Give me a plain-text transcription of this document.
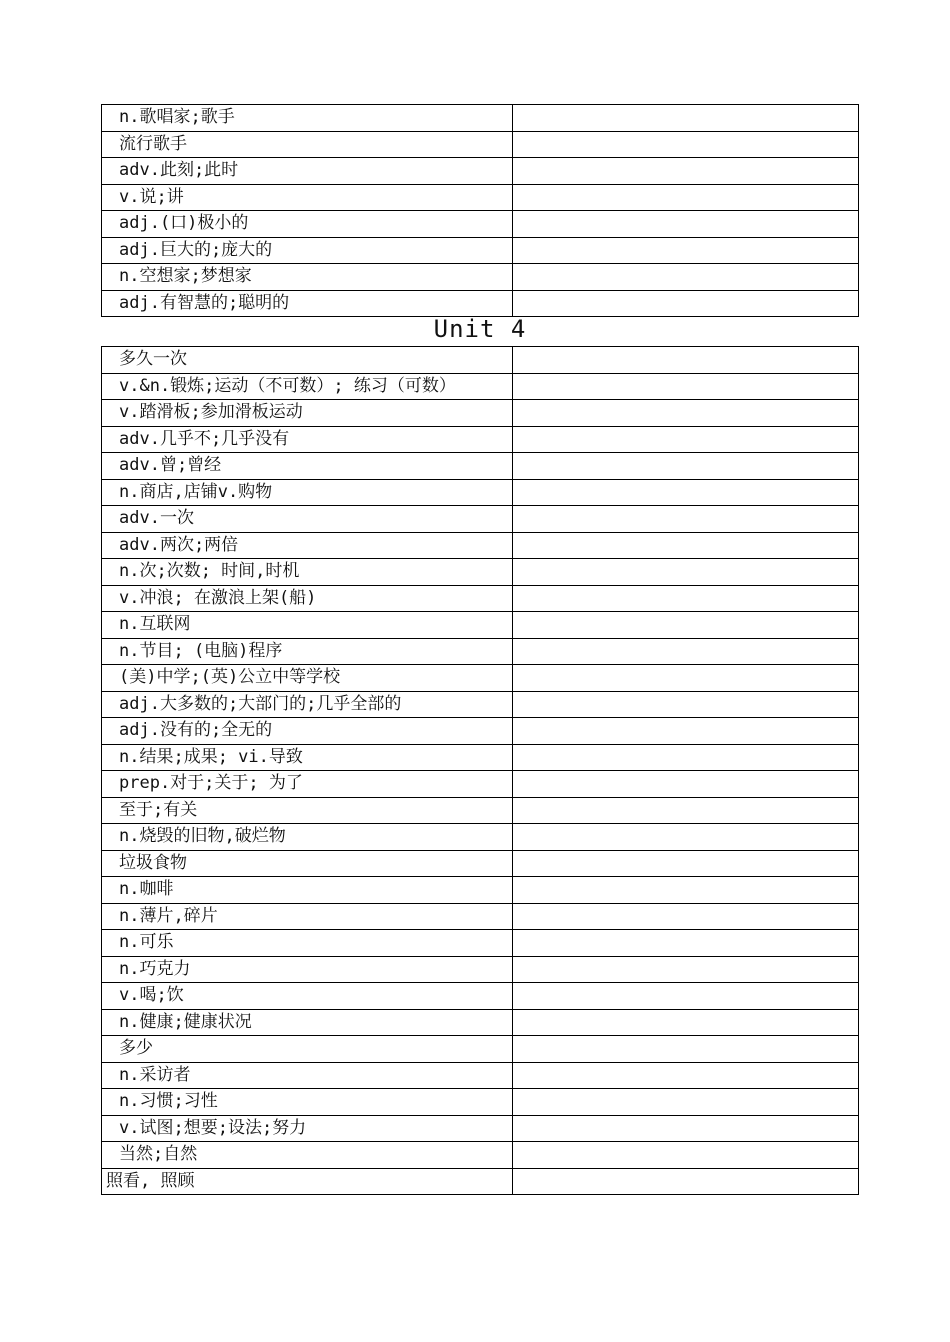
n.歌唱家;歌手	
流行歌手	
adv.此刻;此时	
v.说;讲	
adj.(口)极小的	
adj.巨大的;庞大的	
n.空想家;梦想家	
adj.有智慧的;聪明的	
Unit 4
多久一次	
v.&n.锻炼;运动（不可数）; 练习（可数）	
v.踏滑板;参加滑板运动	
adv.几乎不;几乎没有	
adv.曾;曾经	
n.商店,店铺v.购物	
adv.一次	
adv.两次;两倍	
n.次;次数; 时间,时机	
v.冲浪; 在激浪上架(船)	
n.互联网	
n.节目; (电脑)程序	
(美)中学;(英)公立中等学校	
adj.大多数的;大部门的;几乎全部的	
adj.没有的;全无的	
n.结果;成果; vi.导致	
prep.对于;关于; 为了	
至于;有关	
n.烧毁的旧物,破烂物	
垃圾食物	
n.咖啡	
n.薄片,碎片	
n.可乐	
n.巧克力	
v.喝;饮	
n.健康;健康状况	
多少	
n.采访者	
n.习惯;习性	
v.试图;想要;设法;努力	
当然;自然	
照看, 照顾	
